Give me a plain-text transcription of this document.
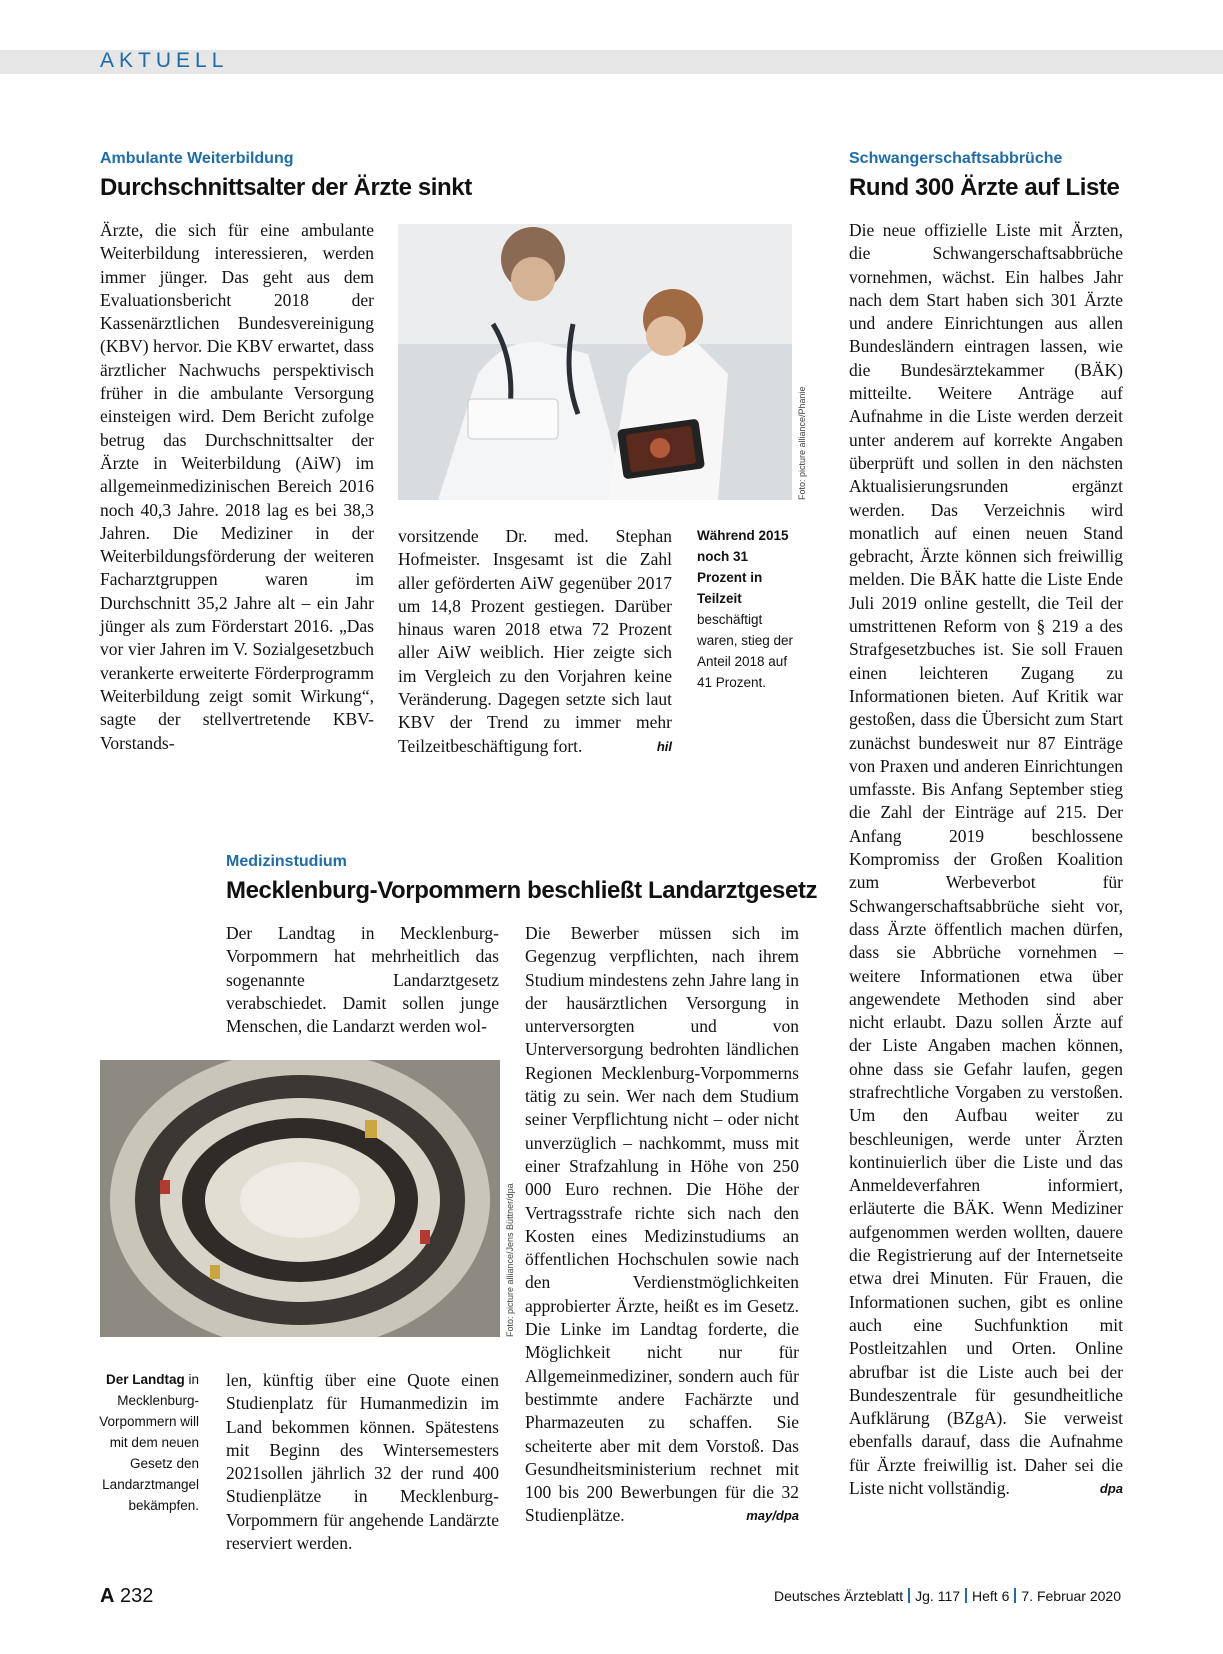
AKTUELL
Ambulante Weiterbildung
Durchschnittsalter der Ärzte sinkt

Ärzte, die sich für eine ambulante Weiterbildung interessieren, werden immer jünger. Das geht aus dem Evaluationsbericht 2018 der Kassenärztlichen Bundesvereinigung (KBV) hervor. Die KBV erwartet, dass ärztlicher Nachwuchs perspektivisch früher in die ambulante Versorgung einsteigen wird. Dem Bericht zufolge betrug das Durchschnittsalter der Ärzte in Weiterbildung (AiW) im allgemeinmedizinischen Bereich 2016 noch 40,3 Jahre. 2018 lag es bei 38,3 Jahren. Die Mediziner in der Weiterbildungsförderung der weiteren Facharztgruppen waren im Durchschnitt 35,2 Jahre alt – ein Jahr jünger als zum Förderstart 2016. „Das vor vier Jahren im V. Sozialgesetzbuch verankerte erweiterte Förderprogramm Weiterbildung zeigt somit Wirkung“, sagte der stellvertretende KBV-Vorstands-

Foto: picture alliance/Phanie

vorsitzende Dr. med. Stephan Hofmeister. Insgesamt ist die Zahl aller geförderten AiW gegenüber 2017 um 14,8 Prozent gestiegen. Darüber hinaus waren 2018 etwa 72 Prozent aller AiW weiblich. Hier zeigte sich im Vergleich zu den Vorjahren keine Veränderung. Dagegen setzte sich laut KBV der Trend zu immer mehr Teilzeitbeschäftigung fort.	hil

Während 2015 noch 31 Prozent in Teilzeit beschäftigt waren, stieg der Anteil 2018 auf 41 Prozent.
Medizinstudium
Mecklenburg-Vorpommern beschließt Landarztgesetz

Der Landtag in Mecklenburg-Vorpommern hat mehrheitlich das sogenannte Landarztgesetz verabschiedet. Damit sollen junge Menschen, die Landarzt werden wol-

Foto: picture alliance/Jens Büttner/dpa
Der Landtag in Mecklenburg-Vorpommern will mit dem neuen Gesetz den Landarztmangel bekämpfen.

len, künftig über eine Quote einen Studienplatz für Humanmedizin im Land bekommen können. Spätestens mit Beginn des Wintersemesters 2021sollen jährlich 32 der rund 400 Studienplätze in Mecklenburg-Vorpommern für angehende Landärzte reserviert werden.

Die Bewerber müssen sich im Gegenzug verpflichten, nach ihrem Studium mindestens zehn Jahre lang in der hausärztlichen Versorgung in unterversorgten und von Unterversorgung bedrohten ländlichen Regionen Mecklenburg-Vorpommerns tätig zu sein. Wer nach dem Studium seiner Verpflichtung nicht – oder nicht unverzüglich – nachkommt, muss mit einer Strafzahlung in Höhe von 250 000 Euro rechnen. Die Höhe der Vertragsstrafe richte sich nach den Kosten eines Medizinstudiums an öffentlichen Hochschulen sowie nach den Verdienstmöglichkeiten approbierter Ärzte, heißt es im Gesetz. Die Linke im Landtag forderte, die Möglichkeit nicht nur für Allgemeinmediziner, sondern auch für bestimmte andere Fachärzte und Pharmazeuten zu schaffen. Sie scheiterte aber mit dem Vorstoß. Das Gesundheitsministerium rechnet mit 100 bis 200 Bewerbungen für die 32 Studienplätze.	may/dpa

Schwangerschaftsabbrüche
Rund 300 Ärzte auf Liste

Die neue offizielle Liste mit Ärzten, die Schwangerschaftsabbrüche vornehmen, wächst. Ein halbes Jahr nach dem Start haben sich 301 Ärzte und andere Einrichtungen aus allen Bundesländern eintragen lassen, wie die Bundesärztekammer (BÄK) mitteilte. Weitere Anträge auf Aufnahme in die Liste werden derzeit unter anderem auf korrekte Angaben überprüft und sollen in den nächsten Aktualisierungsrunden ergänzt werden. Das Verzeichnis wird monatlich auf einen neuen Stand gebracht, Ärzte können sich freiwillig melden. Die BÄK hatte die Liste Ende Juli 2019 online gestellt, die Teil der umstrittenen Reform von § 219 a des Strafgesetzbuches ist. Sie soll Frauen einen leichteren Zugang zu Informationen bieten. Auf Kritik war gestoßen, dass die Übersicht zum Start zunächst bundesweit nur 87 Einträge von Praxen und anderen Einrichtungen umfasste. Bis Anfang September stieg die Zahl der Einträge auf 215. Der Anfang 2019 beschlossene Kompromiss der Großen Koalition zum Werbeverbot für Schwangerschaftsabbrüche sieht vor, dass Ärzte öffentlich machen dürfen, dass sie Abbrüche vornehmen – weitere Informationen etwa über angewendete Methoden sind aber nicht erlaubt. Dazu sollen Ärzte auf der Liste Angaben machen können, ohne dass sie Gefahr laufen, gegen strafrechtliche Vorgaben zu verstoßen. Um den Aufbau weiter zu beschleunigen, werde unter Ärzten kontinuierlich über die Liste und das Anmeldeverfahren informiert, erläuterte die BÄK. Wenn Mediziner aufgenommen werden wollten, dauere die Registrierung auf der Internetseite etwa drei Minuten. Für Frauen, die Informationen suchen, gibt es online auch eine Suchfunktion mit Postleitzahlen und Orten. Online abrufbar ist die Liste auch bei der Bundeszentrale für gesundheitliche Aufklärung (BZgA). Sie verweist ebenfalls darauf, dass die Aufnahme für Ärzte freiwillig ist. Daher sei die Liste nicht vollständig.	dpa

A 232	Deutsches Ärzteblatt Jg. 117 Heft 6 7. Februar 2020
